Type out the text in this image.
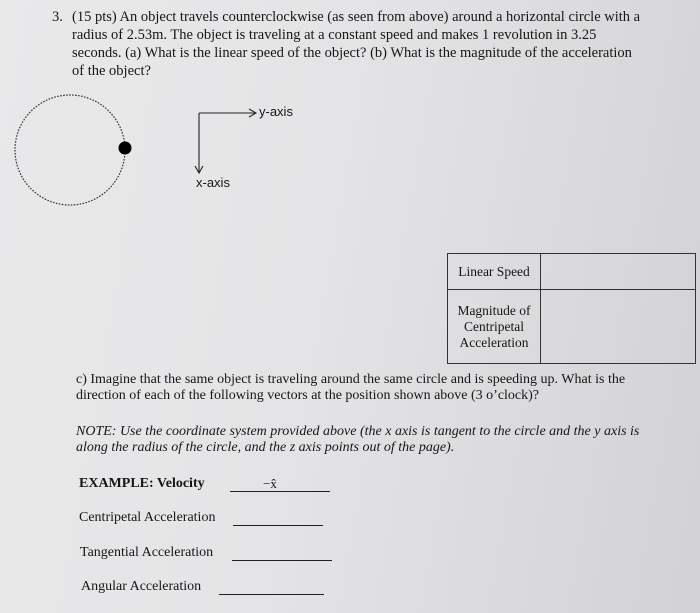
3. (15 pts) An object travels counterclockwise (as seen from above) around a horizontal circle with a radius of 2.53m. The object is traveling at a constant speed and makes 1 revolution in 3.25 seconds. (a) What is the linear speed of the object? (b) What is the magnitude of the acceleration of the object?
y-axis
x-axis
Linear Speed	
Magnitude of Centripetal Acceleration	
c) Imagine that the same object is traveling around the same circle and is speeding up. What is the direction of each of the following vectors at the position shown above (3 o’clock)?
NOTE: Use the coordinate system provided above (the x axis is tangent to the circle and the y axis is along the radius of the circle, and the z axis points out of the page).
EXAMPLE: Velocity	−x̂
Centripetal Acceleration
Tangential Acceleration
Angular Acceleration
